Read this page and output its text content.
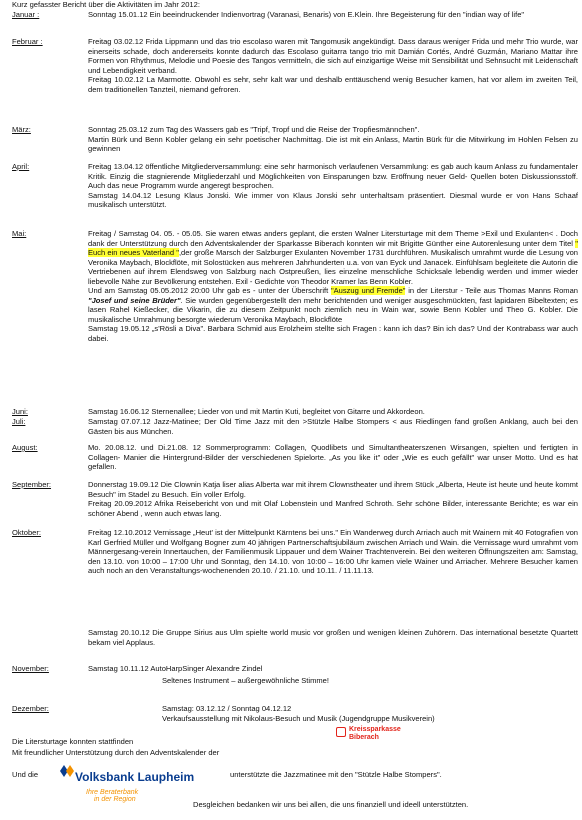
Kurz gefasster Bericht über die Aktivitäten im Jahr 2012:
Januar :	Sonntag 15.01.12 Ein beeindruckender Indienvortrag (Varanasi, Benaris) von E.Klein. Ihre Begeisterung für den "indian way of life"

Februar :	Freitag 03.02.12 Frida Lippmann und das trio escolaso waren mit Tangomusik angekündigt. Dass daraus weniger Frida und mehr Trio wurde, war einerseits schade, doch andererseits konnte dadurch das Escolaso guitarra tango trio mit Damián Cortés, André Guzmán, Mariano Mattar ihre Formen von Rhythmus, Melodie und Poesie des Tangos vermitteln, die sich auf einzigartige Weise mit Sensibilität und Sehnsucht mit Leidenschaft und Lebendigkeit verband.

Freitag 10.02.12 La Marmotte. Obwohl es sehr, sehr kalt war und deshalb enttäuschend wenig Besucher kamen, hat vor allem im zweiten Teil, dem traditionellen Tanzteil, niemand gefroren.

März:	Sonntag 25.03.12 zum Tag des Wassers gab es "Tripf, Tropf und die Reise der Tropfiesmännchen".

Martin Bürk und Benn Kobler gelang ein sehr poetischer Nachmittag. Die ist mit ein Anlass, Martin Bürk für die Mitwirkung im Hohlen Felsen zu gewinnen

April:	Freitag 13.04.12 öffentliche Mitgliederversammlung: eine sehr harmonisch verlaufenen Versammlung: es gab auch kaum Anlass zu fundamentaler Kritik. Einzig die stagnierende Mitgliederzahl und Möglichkeiten von Einsparungen bzw. Eröffnung neuer Geld- Quellen boten Diskussionsstoff. Auch das neue Programm wurde angeregt besprochen.

Samstag 14.04.12 Lesung Klaus Jonski. Wie immer von Klaus Jonski sehr unterhaltsam präsentiert. Diesmal wurde er von Hans Schaaf musikalisch unterstützt.

Mai:	Freitag / Samstag 04. 05. - 05.05. Sie waren etwas anders geplant, die ersten Walner Litersturtage mit dem Theme >Exil und Exulanten< . Doch dank der Unterstützung durch den Adventskalender der Sparkasse Biberach konnten wir mit Brigitte Günther eine Autorenlesung unter dem Titel " Euch ein neues Vaterland ",der große Marsch der Salzburger Exulanten November 1731 durchführen. Musikalisch umrahmt wurde die Lesung von Veronika Maybach, Blockflöte, mit Solostücken aus mehreren Jahrhunderten u.a. von van Eyck und Janacek. Einfühlsam begleitete die Autorin die Vertriebenen auf ihrem Elendsweg von Salzburg nach Ostpreußen, lies einzelne menschliche Schicksale lebendig werden und immer wieder liebevolle Nähe zur Bevölkerung entstehen. Exil - Gedichte von Theodor Kramer las Benn Kobler.

Und am Samstag 05.05.2012 20:00 Uhr gab es - unter der Überschrift "Auszug und Fremde" in der Literstur - Teile aus Thomas Manns Roman "Josef und seine Brüder". Sie wurden gegenübergestellt den mehr berichtenden und weniger ausgeschmückten, fast lapidaren Bibeltexten; es lasen Rahel Kießecker, die Vikarin, die zu diesem Zeitpunkt noch ziemlich neu in Wain war, sowie Benn Kobler und Theo G. Kobler. Die musikalische Umrahmung besorgte wiederum Veronika Maybach, Blockflöte

Samstag 19.05.12 „s'Rösli a Diva". Barbara Schmid aus Erolzheim stellte sich Fragen : kann ich das? Bin ich das? Und der Kontrabass war auch dabei.

Juni:	Samstag 16.06.12 Sternenallee; Lieder von und mit Martin Kuti, begleitet von Gitarre und Akkordeon.

Juli:	Samstag 07.07.12 Jazz-Matinee; Der Old Time Jazz mit den >Stützle Halbe Stompers < aus Riedlingen fand großen Anklang, auch bei den Gästen bis aus München.

August:	Mo. 20.08.12. und Di.21.08. 12 Sommerprogramm: Collagen, Quodlibets und Simultantheaterszenen Wirsangen, spielten und fertigten in Collagen- Manier die Hintergrund-Bilder der verschiedenen Spielorte. „As you like it" oder „Wie es euch gefällt" war unser Motto. Und es hat gefallen.

September:	Donnerstag 19.09.12 Die Clownin Katja liser alias Alberta war mit ihrem Clownstheater und ihrem Stück „Alberta, Heute ist heute und heute kommt Besuch" im Stadel zu Besuch. Ein voller Erfolg.

Freitag 20.09.2012 Afrika Reisebericht von und mit Olaf Lobenstein und Manfred Schroth. Sehr schöne Bilder, interessante Berichte; es war ein schöner Abend , wenn auch etwas lang.

Oktober:	Freitag 12.10.2012 Vernissage „Heut' ist der Mittelpunkt Kärntens bei uns." Ein Wanderweg durch Arriach auch mit Wainern mit 40 Fotografien von Karl Gerfried Müller und Wolfgang Bogner zum 40 jährigen Partnerschaftsjubiläum zwischen Arriach und Wain. die Vernissage wurd umrahmt vom Männergesang-verein Innertauchen, der Familienmusik Lippauer und dem Wainer Trachtenverein. Bei den weiteren Öffnungszeiten am: Samstag, den 13.10. von 10:00 – 17:00 Uhr und Sonntag, den 14.10. von 10:00 – 16:00 Uhr kamen viele Wainer und Arriacher. Mehrere Besucher kamen auch noch an den Veranstaltungs-wochenenden 20.10. / 21.10. und 10.11. / 11.11.13.

Samstag 20.10.12 Die Gruppe Sirius aus Ulm spielte world music vor großen und wenigen kleinen Zuhörern. Das international besetzte Quartett bekam viel Applaus.

November:	Samstag 10.11.12 AutoHarpSinger Alexandre Zindel

Seltenes Instrument – außergewöhnliche Stimme!
Dezember:	Samstag: 03.12.12 / Sonntag 04.12.12
Verkaufsausstellung mit Nikolaus-Besuch und Musik (Jugendgruppe Musikverein)
Die Litersturtage konnten stattfinden
Mit freundlicher Unterstützung durch den Adventskalender der
Und die	unterstützte die Jazzmatinee mit den "Stützle Halbe Stompers".
Desgleichen bedanken wir uns bei allen, die uns finanziell und ideell unterstützten.
Kreissparkasse
Biberach
Volksbank Laupheim
Ihre Beraterbank
in der Region
